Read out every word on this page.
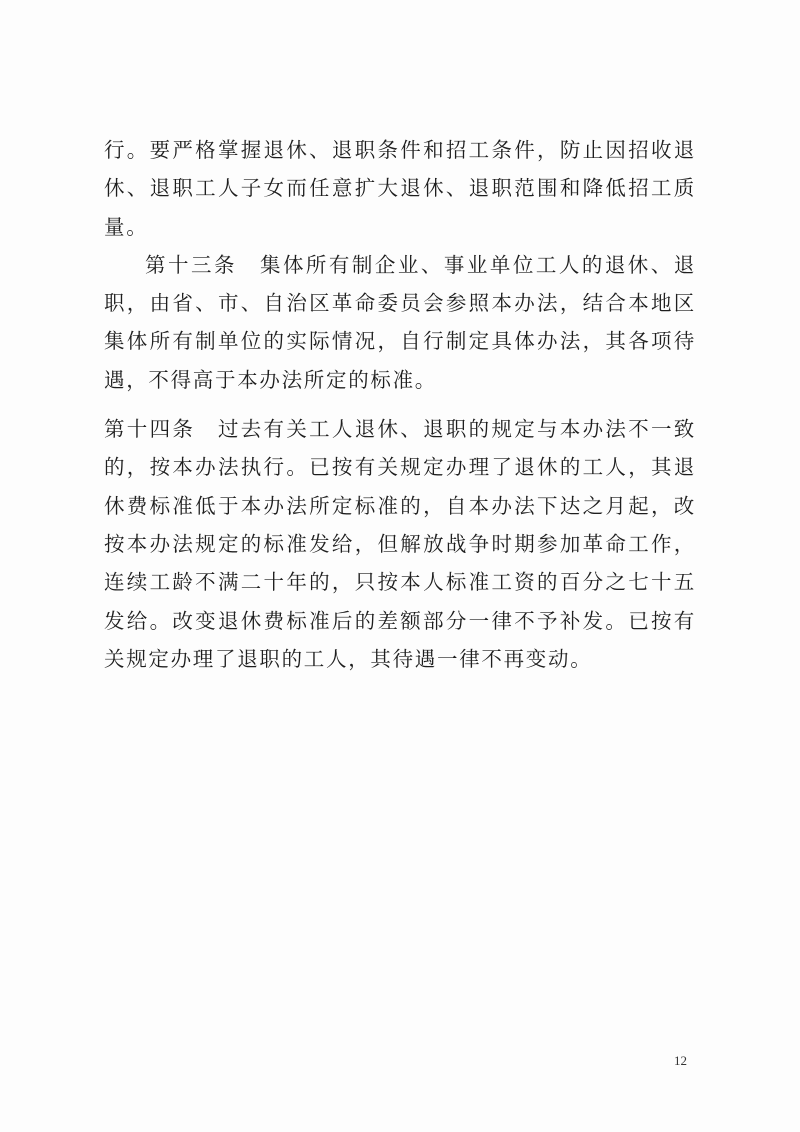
行。要严格掌握退休、退职条件和招工条件，防止因招收退休、退职工人子女而任意扩大退休、退职范围和降低招工质量。

第十三条　集体所有制企业、事业单位工人的退休、退职，由省、市、自治区革命委员会参照本办法，结合本地区集体所有制单位的实际情况，自行制定具体办法，其各项待遇，不得高于本办法所定的标准。

第十四条　过去有关工人退休、退职的规定与本办法不一致的，按本办法执行。已按有关规定办理了退休的工人，其退休费标准低于本办法所定标准的，自本办法下达之月起，改按本办法规定的标准发给，但解放战争时期参加革命工作，连续工龄不满二十年的，只按本人标准工资的百分之七十五发给。改变退休费标准后的差额部分一律不予补发。已按有关规定办理了退职的工人，其待遇一律不再变动。

12
